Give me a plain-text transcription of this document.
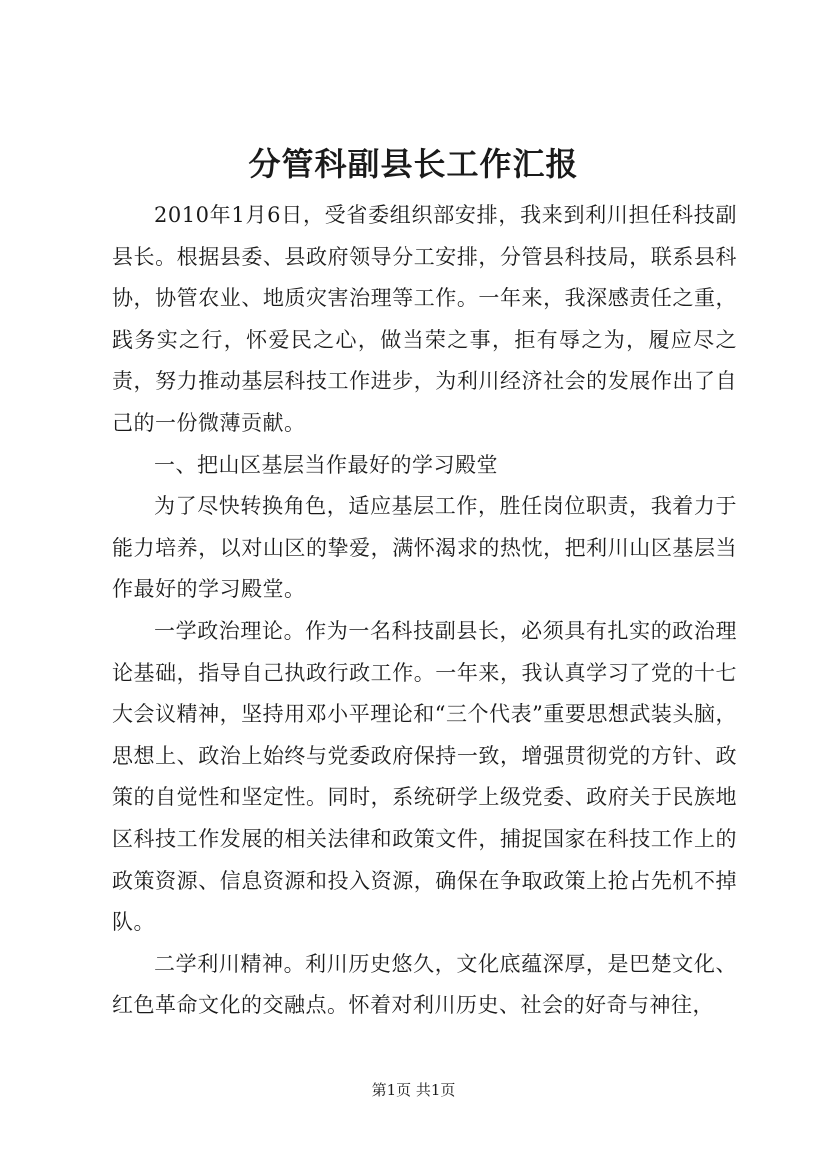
分管科副县长工作汇报

2010年1月6日，受省委组织部安排，我来到利川担任科技副县长。根据县委、县政府领导分工安排，分管县科技局，联系县科协，协管农业、地质灾害治理等工作。一年来，我深感责任之重，践务实之行，怀爱民之心，做当荣之事，拒有辱之为，履应尽之责，努力推动基层科技工作进步，为利川经济社会的发展作出了自己的一份微薄贡献。

一、把山区基层当作最好的学习殿堂

为了尽快转换角色，适应基层工作，胜任岗位职责，我着力于能力培养，以对山区的挚爱，满怀渴求的热忱，把利川山区基层当作最好的学习殿堂。

一学政治理论。作为一名科技副县长，必须具有扎实的政治理论基础，指导自己执政行政工作。一年来，我认真学习了党的十七大会议精神，坚持用邓小平理论和“三个代表”重要思想武装头脑，思想上、政治上始终与党委政府保持一致，增强贯彻党的方针、政策的自觉性和坚定性。同时，系统研学上级党委、政府关于民族地区科技工作发展的相关法律和政策文件，捕捉国家在科技工作上的政策资源、信息资源和投入资源，确保在争取政策上抢占先机不掉队。

二学利川精神。利川历史悠久，文化底蕴深厚，是巴楚文化、红色革命文化的交融点。怀着对利川历史、社会的好奇与神往，

第1页 共1页
